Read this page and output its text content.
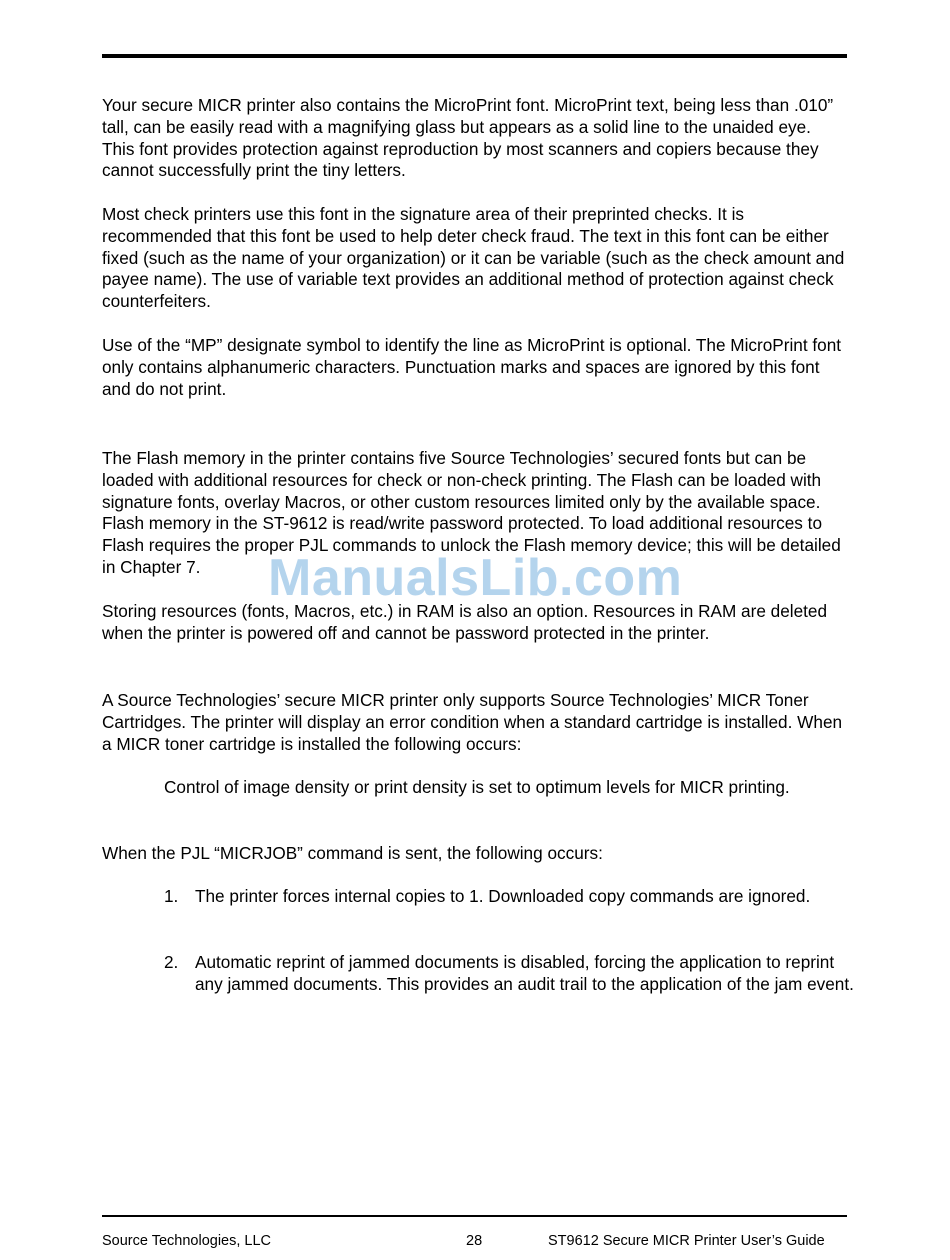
Your secure MICR printer also contains the MicroPrint font. MicroPrint text, being less than .010” tall, can be easily read with a magnifying glass but appears as a solid line to the unaided eye. This font provides protection against reproduction by most scanners and copiers because they cannot successfully print the tiny letters.

Most check printers use this font in the signature area of their preprinted checks. It is recommended that this font be used to help deter check fraud. The text in this font can be either fixed (such as the name of your organization) or it can be variable (such as the check amount and payee name). The use of variable text provides an additional method of protection against check counterfeiters.

Use of the “MP” designate symbol to identify the line as MicroPrint is optional. The MicroPrint font only contains alphanumeric characters. Punctuation marks and spaces are ignored by this font and do not print.

The Flash memory in the printer contains five Source Technologies’ secured fonts but can be loaded with additional resources for check or non-check printing. The Flash can be loaded with signature fonts, overlay Macros, or other custom resources limited only by the available space. Flash memory in the ST-9612 is read/write password protected. To load additional resources to Flash requires the proper PJL commands to unlock the Flash memory device; this will be detailed in Chapter 7.

Storing resources (fonts, Macros, etc.) in RAM is also an option. Resources in RAM are deleted when the printer is powered off and cannot be password protected in the printer.

A Source Technologies’ secure MICR printer only supports Source Technologies’ MICR Toner Cartridges. The printer will display an error condition when a standard cartridge is installed. When a MICR toner cartridge is installed the following occurs:

Control of image density or print density is set to optimum levels for MICR printing.

When the PJL “MICRJOB” command is sent, the following occurs:

1. The printer forces internal copies to 1. Downloaded copy commands are ignored.
2. Automatic reprint of jammed documents is disabled, forcing the application to reprint any jammed documents. This provides an audit trail to the application of the jam event.
ManualsLib.com
Source Technologies, LLC	28	ST9612 Secure MICR Printer User’s Guide
